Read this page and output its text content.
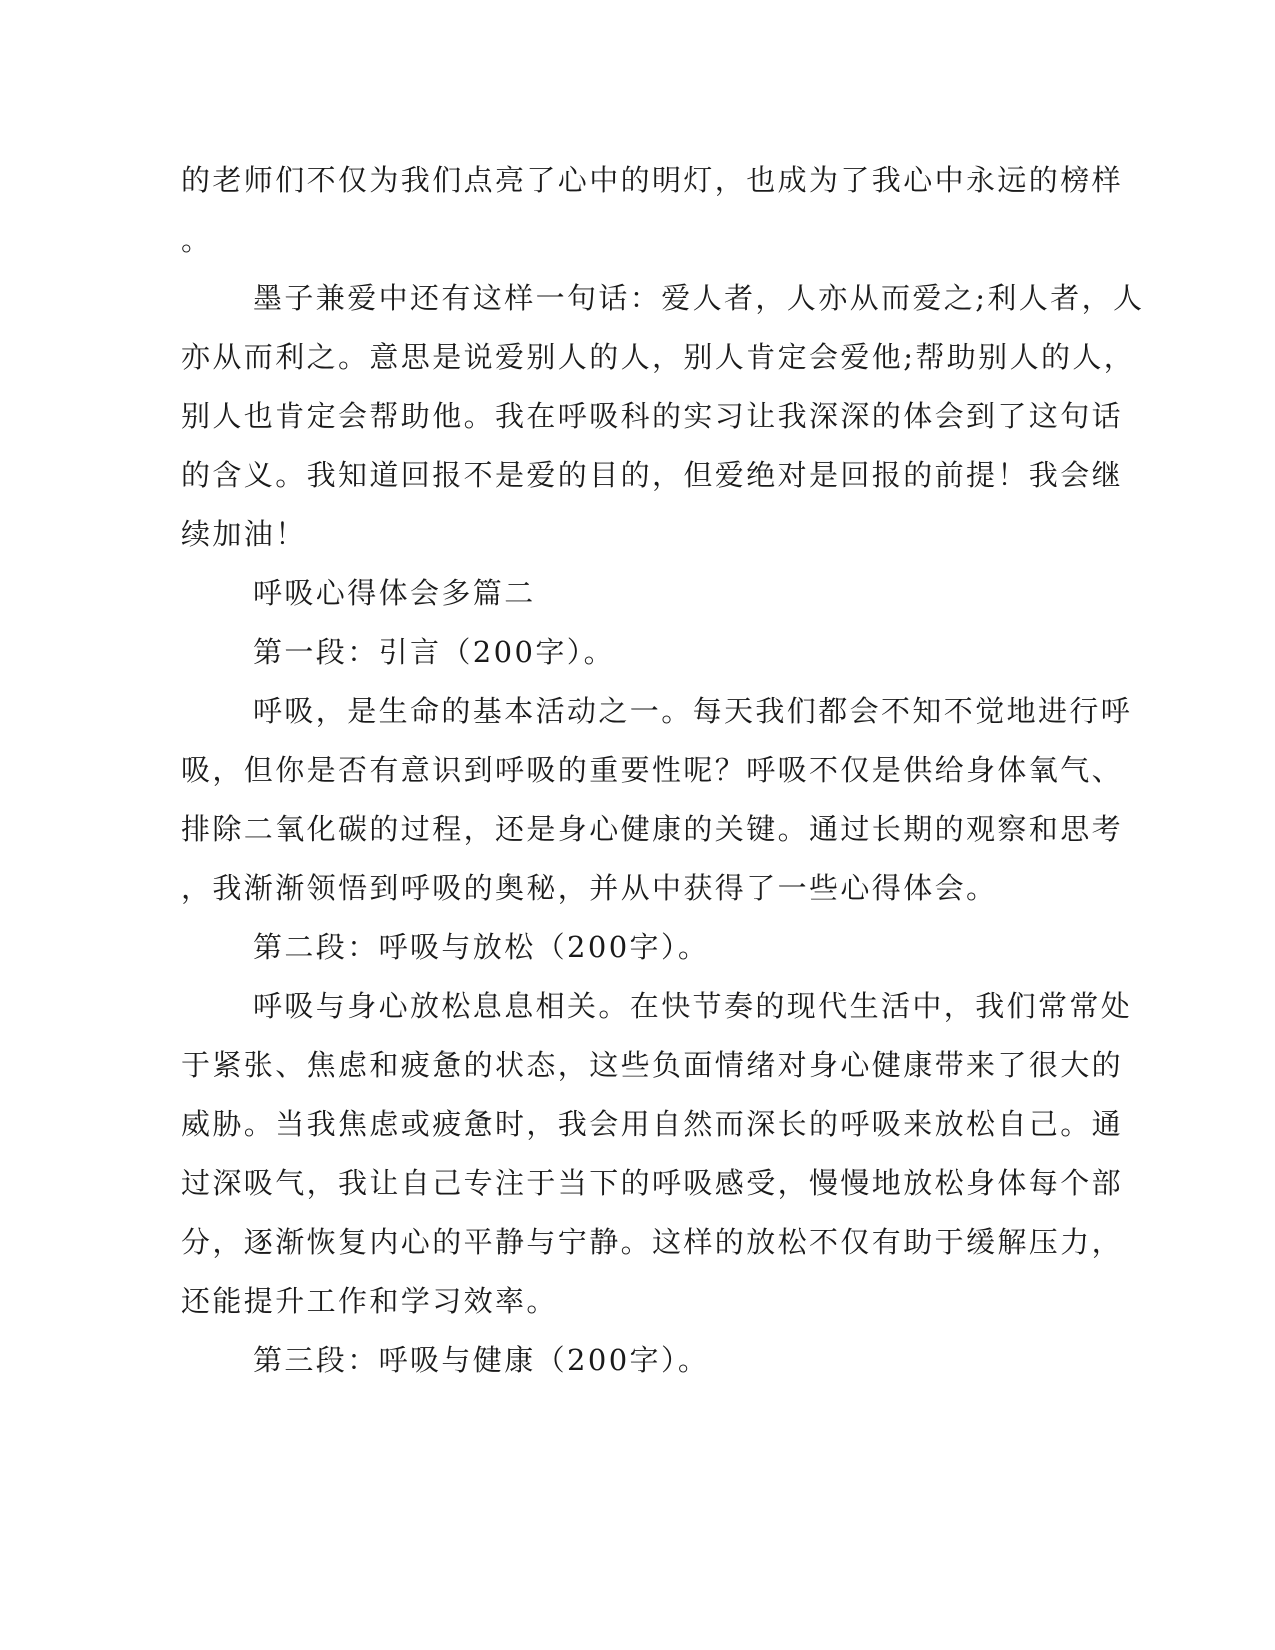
的老师们不仅为我们点亮了心中的明灯，也成为了我心中永远的榜样
。
墨子兼爱中还有这样一句话：爱人者，人亦从而爱之;利人者，人
亦从而利之。意思是说爱别人的人，别人肯定会爱他;帮助别人的人，
别人也肯定会帮助他。我在呼吸科的实习让我深深的体会到了这句话
的含义。我知道回报不是爱的目的，但爱绝对是回报的前提！我会继
续加油！
呼吸心得体会多篇二
第一段：引言（200字）。
呼吸，是生命的基本活动之一。每天我们都会不知不觉地进行呼
吸，但你是否有意识到呼吸的重要性呢？呼吸不仅是供给身体氧气、
排除二氧化碳的过程，还是身心健康的关键。通过长期的观察和思考
，我渐渐领悟到呼吸的奥秘，并从中获得了一些心得体会。
第二段：呼吸与放松（200字）。
呼吸与身心放松息息相关。在快节奏的现代生活中，我们常常处
于紧张、焦虑和疲惫的状态，这些负面情绪对身心健康带来了很大的
威胁。当我焦虑或疲惫时，我会用自然而深长的呼吸来放松自己。通
过深吸气，我让自己专注于当下的呼吸感受，慢慢地放松身体每个部
分，逐渐恢复内心的平静与宁静。这样的放松不仅有助于缓解压力，
还能提升工作和学习效率。
第三段：呼吸与健康（200字）。
